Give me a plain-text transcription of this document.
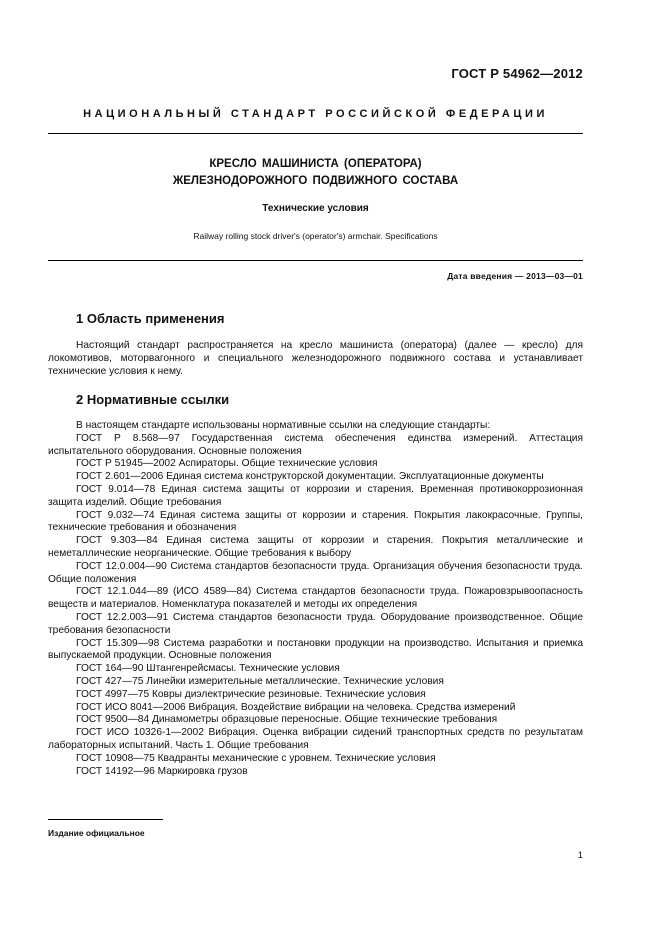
ГОСТ Р 54962—2012
НАЦИОНАЛЬНЫЙ СТАНДАРТ РОССИЙСКОЙ ФЕДЕРАЦИИ
КРЕСЛО МАШИНИСТА (ОПЕРАТОРА)
ЖЕЛЕЗНОДОРОЖНОГО ПОДВИЖНОГО СОСТАВА
Технические условия
Railway rolling stock driver's (operator's) armchair. Specifications
Дата введения — 2013—03—01
1 Область применения

Настоящий стандарт распространяется на кресло машиниста (оператора) (далее — кресло) для локомотивов, моторвагонного и специального железнодорожного подвижного состава и устанавливает технические условия к нему.

2 Нормативные ссылки

В настоящем стандарте использованы нормативные ссылки на следующие стандарты:

ГОСТ Р 8.568—97 Государственная система обеспечения единства измерений. Аттестация испытательного оборудования. Основные положения

ГОСТ Р 51945—2002 Аспираторы. Общие технические условия

ГОСТ 2.601—2006 Единая система конструкторской документации. Эксплуатационные документы

ГОСТ 9.014—78 Единая система защиты от коррозии и старения. Временная противокоррозионная защита изделий. Общие требования

ГОСТ 9.032—74 Единая система защиты от коррозии и старения. Покрытия лакокрасочные. Группы, технические требования и обозначения

ГОСТ 9.303—84 Единая система защиты от коррозии и старения. Покрытия металлические и неметаллические неорганические. Общие требования к выбору

ГОСТ 12.0.004—90 Система стандартов безопасности труда. Организация обучения безопасности труда. Общие положения

ГОСТ 12.1.044—89 (ИСО 4589—84) Система стандартов безопасности труда. Пожаровзрывоопасность веществ и материалов. Номенклатура показателей и методы их определения

ГОСТ 12.2.003—91 Система стандартов безопасности труда. Оборудование производственное. Общие требования безопасности

ГОСТ 15.309—98 Система разработки и постановки продукции на производство. Испытания и приемка выпускаемой продукции. Основные положения

ГОСТ 164—90 Штангенрейсмасы. Технические условия

ГОСТ 427—75 Линейки измерительные металлические. Технические условия

ГОСТ 4997—75 Ковры диэлектрические резиновые. Технические условия

ГОСТ ИСО 8041—2006 Вибрация. Воздействие вибрации на человека. Средства измерений

ГОСТ 9500—84 Динамометры образцовые переносные. Общие технические требования

ГОСТ ИСО 10326-1—2002 Вибрация. Оценка вибрации сидений транспортных средств по результатам лабораторных испытаний. Часть 1. Общие требования

ГОСТ 10908—75 Квадранты механические с уровнем. Технические условия

ГОСТ 14192—96 Маркировка грузов

Издание официальное
1
